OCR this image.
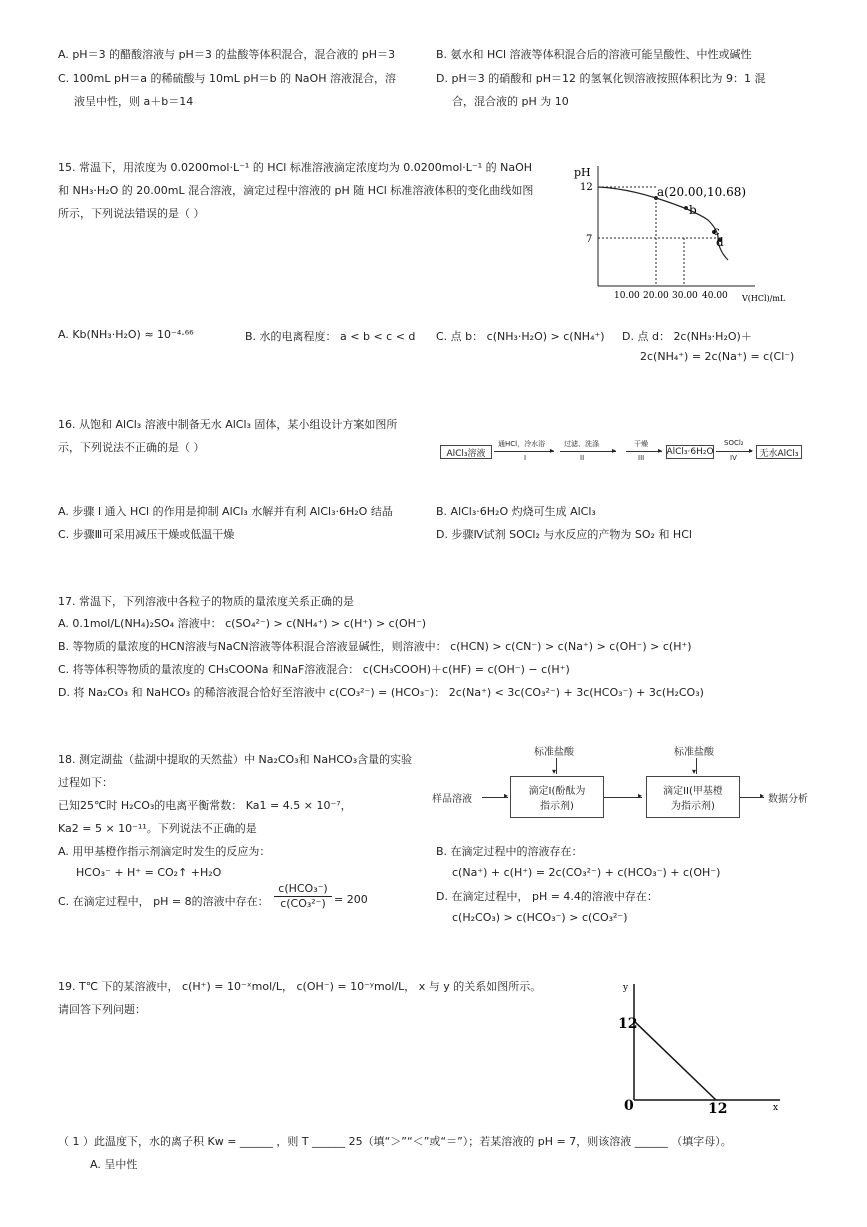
A. pH＝3 的醋酸溶液与 pH＝3 的盐酸等体积混合，混合液的 pH＝3	B. 氨水和 HCl 溶液等体积混合后的溶液可能呈酸性、中性或碱性
C. 100mL pH＝a 的稀硫酸与 10mL pH＝b 的 NaOH 溶液混合，溶
液呈中性，则 a＋b＝14
D. pH＝3 的硝酸和 pH＝12 的氢氧化钡溶液按照体积比为 9：1 混
合，混合液的 pH 为 10
15. 常温下，用浓度为 0.0200mol·L⁻¹ 的 HCl 标准溶液滴定浓度均为 0.0200mol·L⁻¹ 的 NaOH
和 NH₃·H₂O 的 20.00mL 混合溶液，滴定过程中溶液的 pH 随 HCl 标准溶液体积的变化曲线如图
所示，下列说法错误的是（ ）
pH
V(HCl)/mL
12
7
10.00 20.00 30.00 40.00
a(20.00,10.68)
b
c
d
A. Kb(NH₃·H₂O) ≈ 10⁻⁴·⁶⁶	B. 水的电离程度： a < b < c < d C. 点 b： c(NH₃·H₂O) > c(NH₄⁺) D. 点 d： 2c(NH₃·H₂O)＋
2c(NH₄⁺) = 2c(Na⁺) = c(Cl⁻)
16. 从饱和 AlCl₃ 溶液中制备无水 AlCl₃ 固体，某小组设计方案如图所
示，下列说法不正确的是（ ）	AlCl₃溶液
通HCl，冷水浴
I
▸
过滤、洗涤
II
▸
干燥
III
▸ AlCl₃·6H₂O
SOCl₂
IV
▸ 无水AlCl₃
A. 步骤 I 通入 HCl 的作用是抑制 AlCl₃ 水解并有利 AlCl₃·6H₂O 结晶	B. AlCl₃·6H₂O 灼烧可生成 AlCl₃
C. 步骤Ⅲ可采用减压干燥或低温干燥	D. 步骤Ⅳ试剂 SOCl₂ 与水反应的产物为 SO₂ 和 HCl
17. 常温下，下列溶液中各粒子的物质的量浓度关系正确的是
A. 0.1mol/L(NH₄)₂SO₄ 溶液中： c(SO₄²⁻) > c(NH₄⁺) > c(H⁺) > c(OH⁻)
B. 等物质的量浓度的HCN溶液与NaCN溶液等体积混合溶液显碱性，则溶液中： c(HCN) > c(CN⁻) > c(Na⁺) > c(OH⁻) > c(H⁺)
C. 将等体积等物质的量浓度的 CH₃COONa 和NaF溶液混合： c(CH₃COOH)＋c(HF) = c(OH⁻) − c(H⁺)
D. 将 Na₂CO₃ 和 NaHCO₃ 的稀溶液混合恰好至溶液中 c(CO₃²⁻) = (HCO₃⁻)： 2c(Na⁺) < 3c(CO₃²⁻) + 3c(HCO₃⁻) + 3c(H₂CO₃)
18. 测定湖盐（盐湖中提取的天然盐）中 Na₂CO₃和 NaHCO₃含量的实验
过程如下：
已知25℃时 H₂CO₃的电离平衡常数： Ka1 = 4.5 × 10⁻⁷，
Ka2 = 5 × 10⁻¹¹。下列说法不正确的是
标准盐酸
▾
标准盐酸
▾
样品溶液	▸ 滴定I(酚酞为
指示剂)
▸ 滴定II(甲基橙
为指示剂)
▸ 数据分析
A. 用甲基橙作指示剂滴定时发生的反应为：
HCO₃⁻ + H⁺ = CO₂↑ +H₂O
B. 在滴定过程中的溶液存在：
c(Na⁺) + c(H⁺) = 2c(CO₃²⁻) + c(HCO₃⁻) + c(OH⁻)
C. 在滴定过程中， pH = 8的溶液中存在：
c(HCO₃⁻)
c(CO₃²⁻) = 200	D. 在滴定过程中， pH = 4.4的溶液中存在：
c(H₂CO₃) > c(HCO₃⁻) > c(CO₃²⁻)
19. T℃ 下的某溶液中， c(H⁺) = 10⁻ˣmol/L， c(OH⁻) = 10⁻ʸmol/L， x 与 y 的关系如图所示。
请回答下列问题：
y
x
12
0	12
（ 1 ）此温度下，水的离子积 Kw = ______ ，则 T ______ 25（填“＞”“＜”或“＝”）；若某溶液的 pH = 7，则该溶液 ______ （填字母）。
A. 呈中性
